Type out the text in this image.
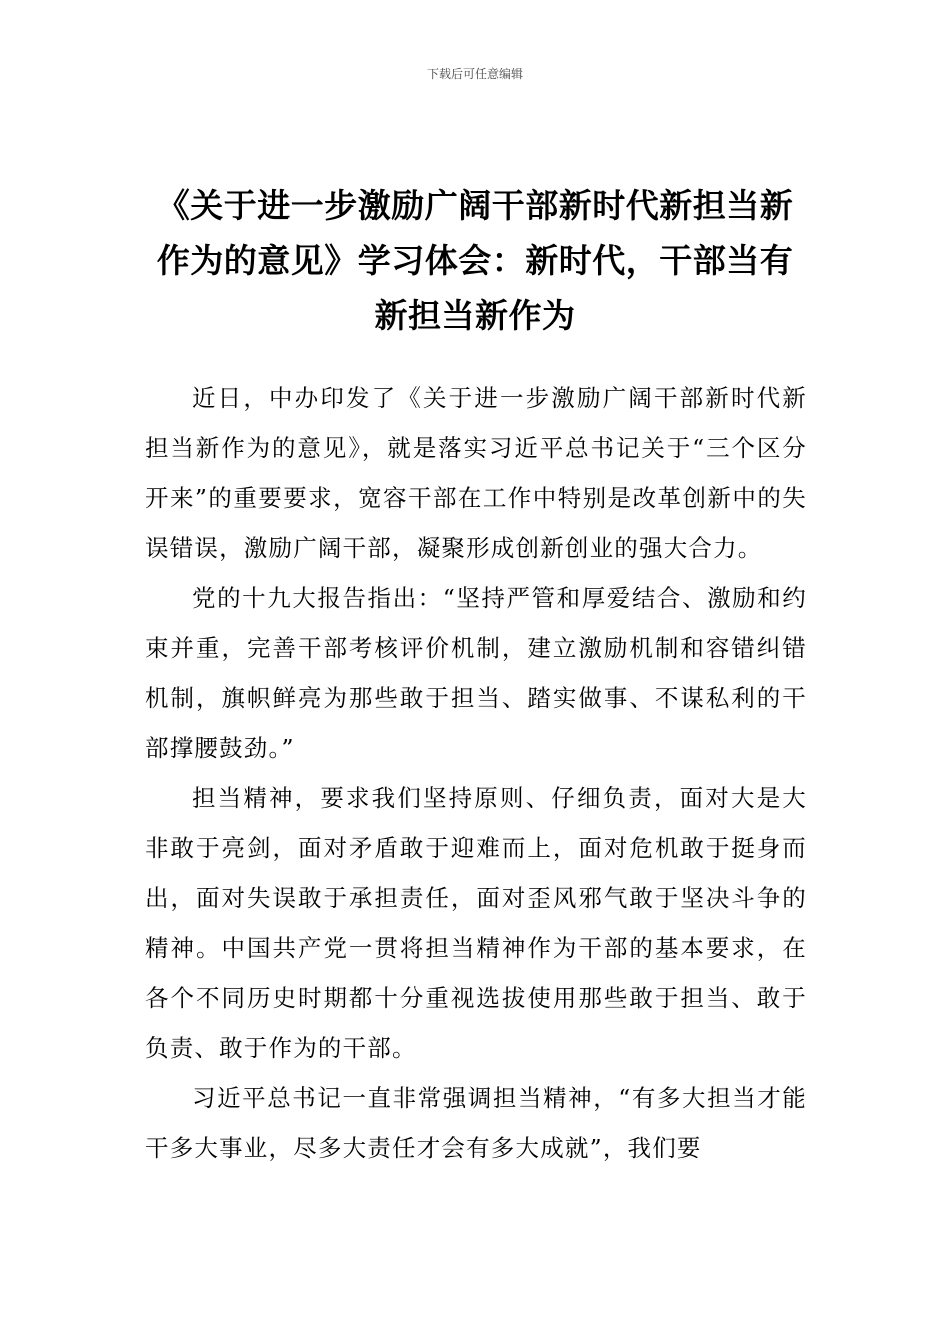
下载后可任意编辑
《关于进一步激励广阔干部新时代新担当新作为的意见》学习体会：新时代，干部当有新担当新作为

近日，中办印发了《关于进一步激励广阔干部新时代新担当新作为的意见》，就是落实习近平总书记关于“三个区分开来”的重要要求，宽容干部在工作中特别是改革创新中的失误错误，激励广阔干部，凝聚形成创新创业的强大合力。

党的十九大报告指出：“坚持严管和厚爱结合、激励和约束并重，完善干部考核评价机制，建立激励机制和容错纠错机制，旗帜鲜亮为那些敢于担当、踏实做事、不谋私利的干部撑腰鼓劲。”

担当精神，要求我们坚持原则、仔细负责，面对大是大非敢于亮剑，面对矛盾敢于迎难而上，面对危机敢于挺身而出，面对失误敢于承担责任，面对歪风邪气敢于坚决斗争的精神。中国共产党一贯将担当精神作为干部的基本要求，在各个不同历史时期都十分重视选拔使用那些敢于担当、敢于负责、敢于作为的干部。

习近平总书记一直非常强调担当精神，“有多大担当才能干多大事业，尽多大责任才会有多大成就”，我们要
